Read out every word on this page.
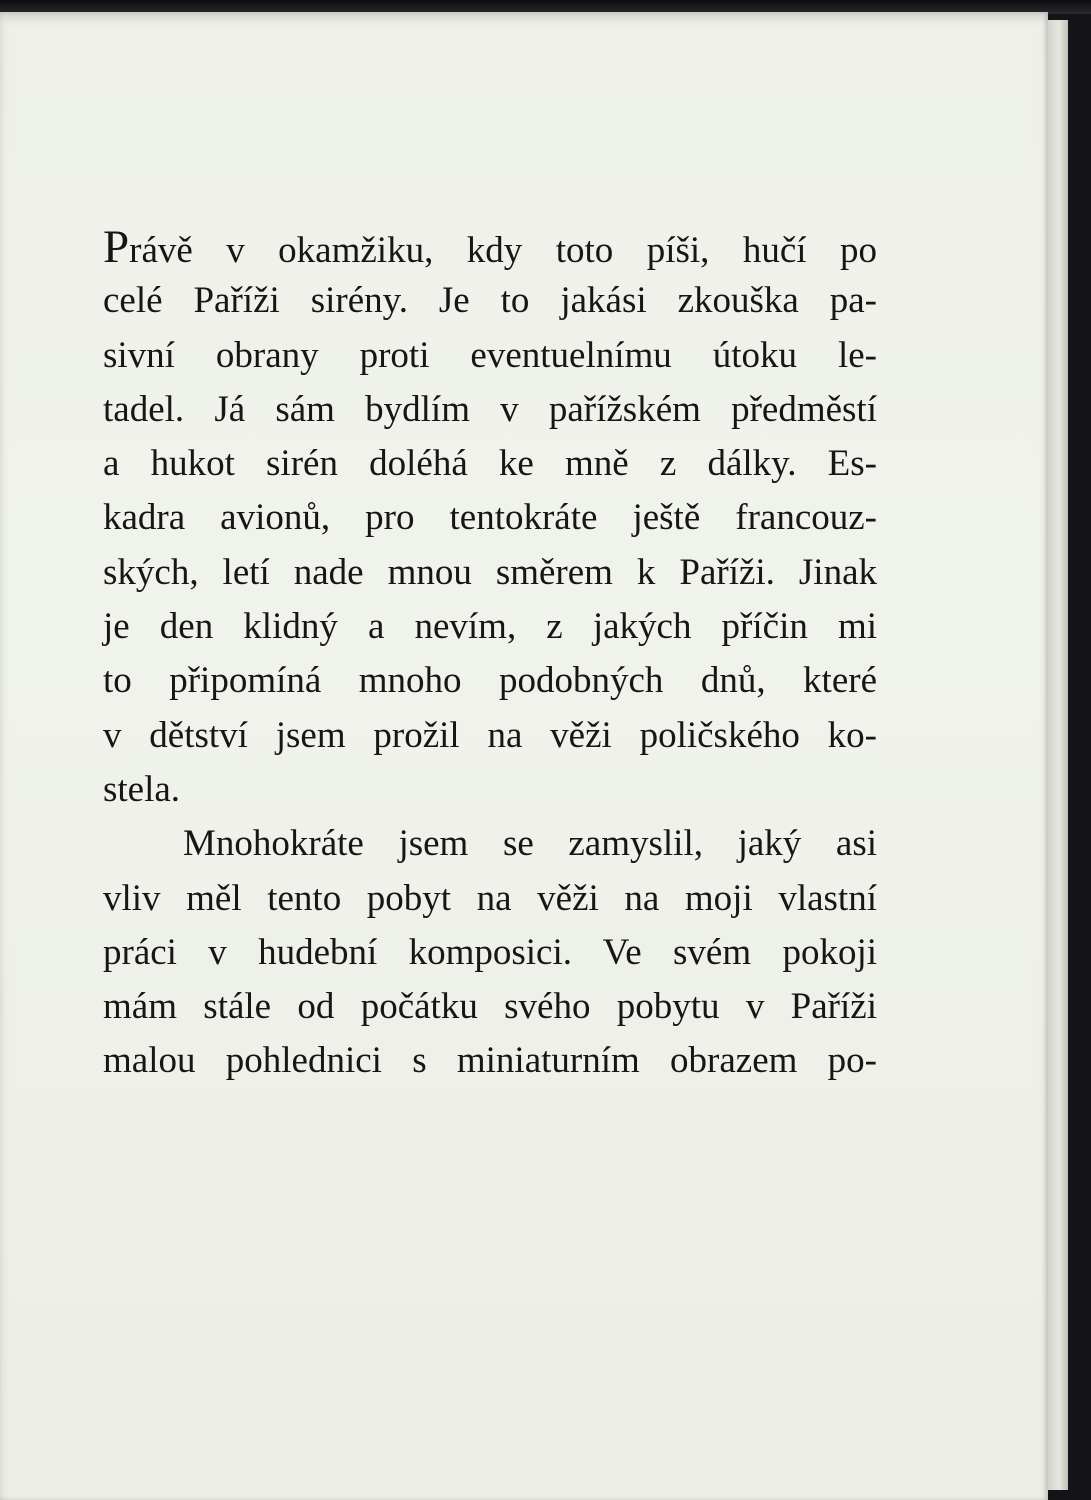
Právě v okamžiku, kdy toto píši, hučí po
celé Paříži sirény. Je to jakási zkouška pa-
sivní obrany proti eventuelnímu útoku le-
tadel. Já sám bydlím v pařížském předměstí
a hukot sirén doléhá ke mně z dálky. Es-
kadra avionů, pro tentokráte ještě francouz-
ských, letí nade mnou směrem k Paříži. Jinak
je den klidný a nevím, z jakých příčin mi
to připomíná mnoho podobných dnů, které
v dětství jsem prožil na věži poličského ko-
stela.
Mnohokráte jsem se zamyslil, jaký asi
vliv měl tento pobyt na věži na moji vlastní
práci v hudební komposici. Ve svém pokoji
mám stále od počátku svého pobytu v Paříži
malou pohlednici s miniaturním obrazem po-
